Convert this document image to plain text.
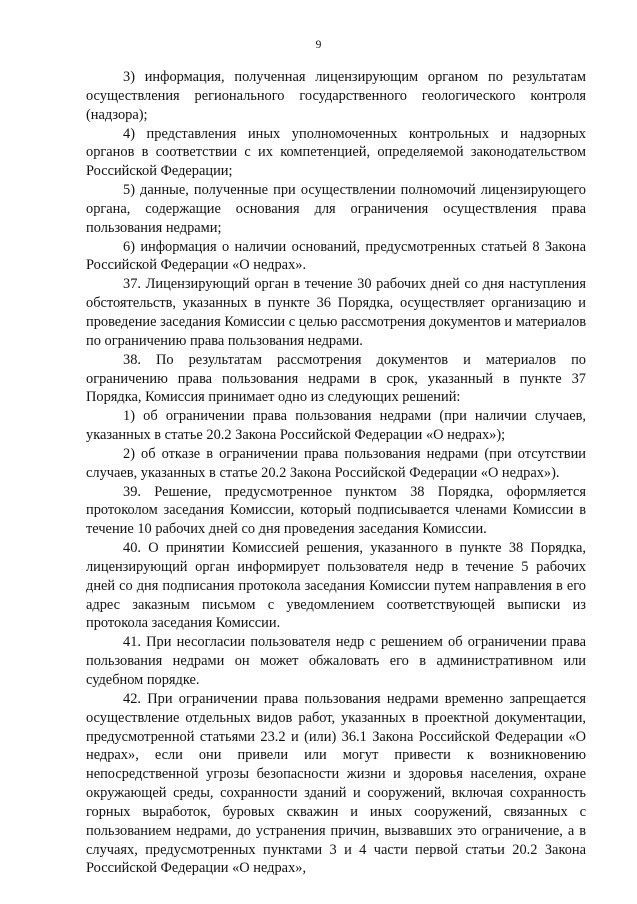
9

3) информация, полученная лицензирующим органом по результатам осуществления регионального государственного геологического контроля (надзора);

4) представления иных уполномоченных контрольных и надзорных органов в соответствии с их компетенцией, определяемой законодательством Российской Федерации;

5) данные, полученные при осуществлении полномочий лицензирующего органа, содержащие основания для ограничения осуществления права пользования недрами;

6) информация о наличии оснований, предусмотренных статьей 8 Закона Российской Федерации «О недрах».

37. Лицензирующий орган в течение 30 рабочих дней со дня наступления обстоятельств, указанных в пункте 36 Порядка, осуществляет организацию и проведение заседания Комиссии с целью рассмотрения документов и материалов по ограничению права пользования недрами.

38. По результатам рассмотрения документов и материалов по ограничению права пользования недрами в срок, указанный в пункте 37 Порядка, Комиссия принимает одно из следующих решений:

1) об ограничении права пользования недрами (при наличии случаев, указанных в статье 20.2 Закона Российской Федерации «О недрах»);

2) об отказе в ограничении права пользования недрами (при отсутствии случаев, указанных в статье 20.2 Закона Российской Федерации «О недрах»).

39. Решение, предусмотренное пунктом 38 Порядка, оформляется протоколом заседания Комиссии, который подписывается членами Комиссии в течение 10 рабочих дней со дня проведения заседания Комиссии.

40. О принятии Комиссией решения, указанного в пункте 38 Порядка, лицензирующий орган информирует пользователя недр в течение 5 рабочих дней со дня подписания протокола заседания Комиссии путем направления в его адрес заказным письмом с уведомлением соответствующей выписки из протокола заседания Комиссии.

41. При несогласии пользователя недр с решением об ограничении права пользования недрами он может обжаловать его в административном или судебном порядке.

42. При ограничении права пользования недрами временно запрещается осуществление отдельных видов работ, указанных в проектной документации, предусмотренной статьями 23.2 и (или) 36.1 Закона Российской Федерации «О недрах», если они привели или могут привести к возникновению непосредственной угрозы безопасности жизни и здоровья населения, охране окружающей среды, сохранности зданий и сооружений, включая сохранность горных выработок, буровых скважин и иных сооружений, связанных с пользованием недрами, до устранения причин, вызвавших это ограничение, а в случаях, предусмотренных пунктами 3 и 4 части первой статьи 20.2 Закона Российской Федерации «О недрах»,
